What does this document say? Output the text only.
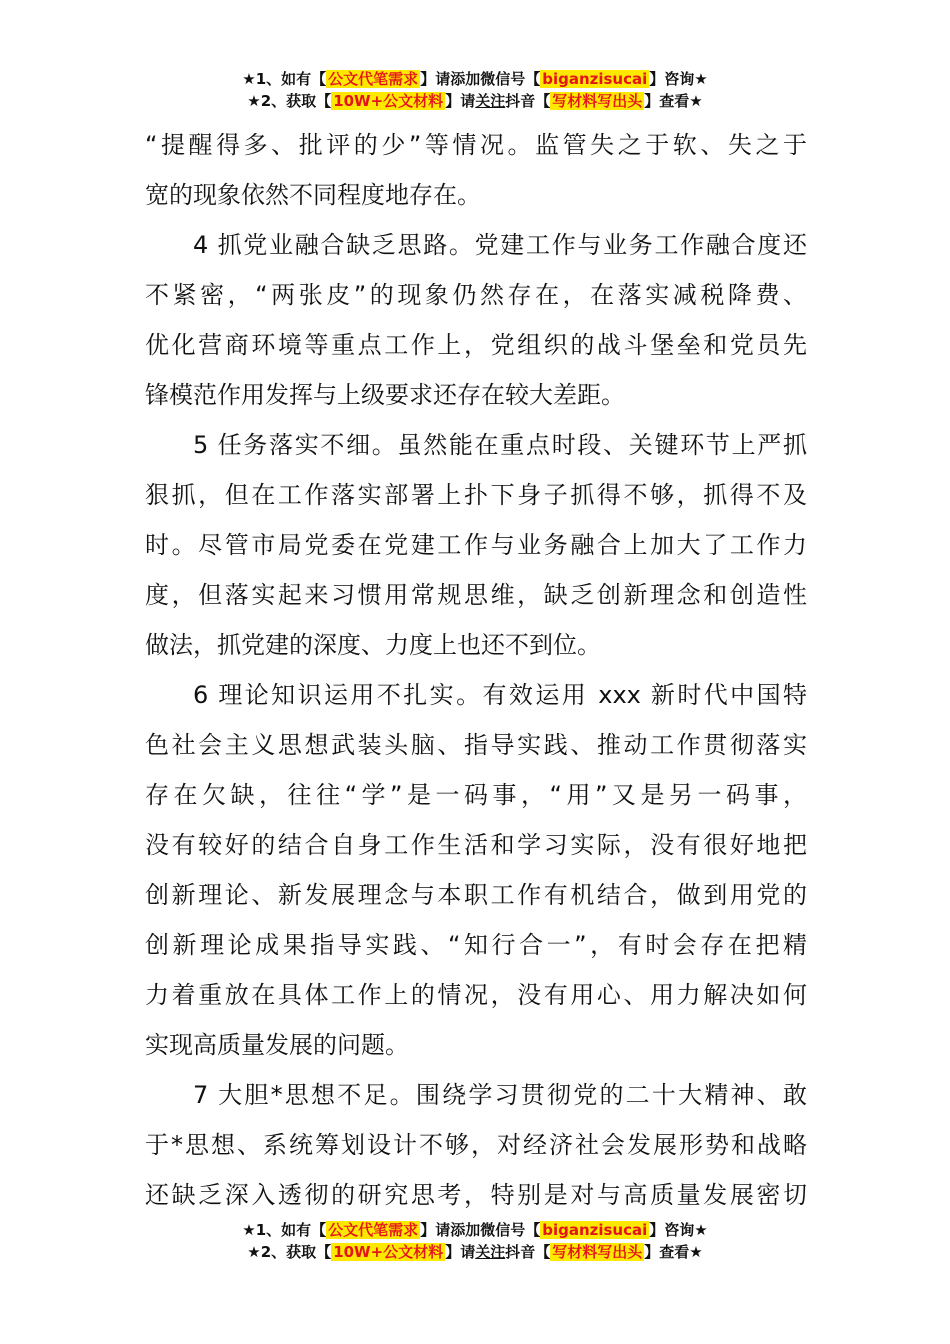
★1、如有【 公文代笔需求 】请添加微信号【 biganzisucai 】咨询★
★2、获取【 10W+公文材料 】请关注抖音【 写材料写出头 】查看★
“提醒得多、批评的少”等情况。监管失之于软、失之于
宽的现象依然不同程度地存在。
4 抓党业融合缺乏思路。党建工作与业务工作融合度还
不紧密，“两张皮”的现象仍然存在，在落实减税降费、
优化营商环境等重点工作上，党组织的战斗堡垒和党员先
锋模范作用发挥与上级要求还存在较大差距。
5 任务落实不细。虽然能在重点时段、关键环节上严抓
狠抓，但在工作落实部署上扑下身子抓得不够，抓得不及
时。尽管市局党委在党建工作与业务融合上加大了工作力
度，但落实起来习惯用常规思维，缺乏创新理念和创造性
做法，抓党建的深度、力度上也还不到位。
6 理论知识运用不扎实。有效运用 xxx 新时代中国特
色社会主义思想武装头脑、指导实践、推动工作贯彻落实
存在欠缺，往往“学”是一码事，“用”又是另一码事，
没有较好的结合自身工作生活和学习实际，没有很好地把
创新理论、新发展理念与本职工作有机结合，做到用党的
创新理论成果指导实践、“知行合一”，有时会存在把精
力着重放在具体工作上的情况，没有用心、用力解决如何
实现高质量发展的问题。
7 大胆*思想不足。围绕学习贯彻党的二十大精神、敢
于*思想、系统筹划设计不够，对经济社会发展形势和战略
还缺乏深入透彻的研究思考，特别是对与高质量发展密切
★1、如有【 公文代笔需求 】请添加微信号【 biganzisucai 】咨询★
★2、获取【 10W+公文材料 】请关注抖音【 写材料写出头 】查看★
